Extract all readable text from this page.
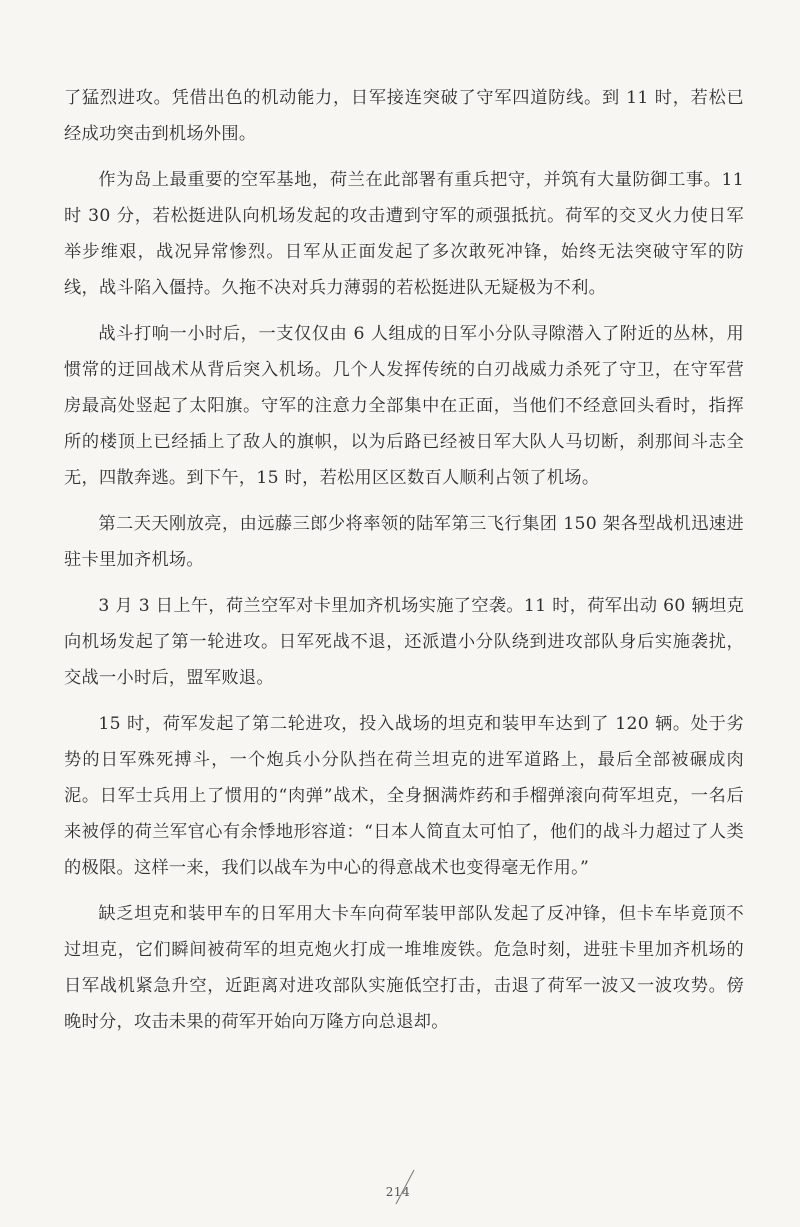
了猛烈进攻。凭借出色的机动能力，日军接连突破了守军四道防线。到 11 时，若松已经成功突击到机场外围。

作为岛上最重要的空军基地，荷兰在此部署有重兵把守，并筑有大量防御工事。11 时 30 分，若松挺进队向机场发起的攻击遭到守军的顽强抵抗。荷军的交叉火力使日军举步维艰，战况异常惨烈。日军从正面发起了多次敢死冲锋，始终无法突破守军的防线，战斗陷入僵持。久拖不决对兵力薄弱的若松挺进队无疑极为不利。

战斗打响一小时后，一支仅仅由 6 人组成的日军小分队寻隙潜入了附近的丛林，用惯常的迂回战术从背后突入机场。几个人发挥传统的白刃战威力杀死了守卫，在守军营房最高处竖起了太阳旗。守军的注意力全部集中在正面，当他们不经意回头看时，指挥所的楼顶上已经插上了敌人的旗帜，以为后路已经被日军大队人马切断，刹那间斗志全无，四散奔逃。到下午，15 时，若松用区区数百人顺利占领了机场。

第二天天刚放亮，由远藤三郎少将率领的陆军第三飞行集团 150 架各型战机迅速进驻卡里加齐机场。

3 月 3 日上午，荷兰空军对卡里加齐机场实施了空袭。11 时，荷军出动 60 辆坦克向机场发起了第一轮进攻。日军死战不退，还派遣小分队绕到进攻部队身后实施袭扰，交战一小时后，盟军败退。

15 时，荷军发起了第二轮进攻，投入战场的坦克和装甲车达到了 120 辆。处于劣势的日军殊死搏斗，一个炮兵小分队挡在荷兰坦克的进军道路上，最后全部被碾成肉泥。日军士兵用上了惯用的“肉弹”战术，全身捆满炸药和手榴弹滚向荷军坦克，一名后来被俘的荷兰军官心有余悸地形容道：“日本人简直太可怕了，他们的战斗力超过了人类的极限。这样一来，我们以战车为中心的得意战术也变得毫无作用。”

缺乏坦克和装甲车的日军用大卡车向荷军装甲部队发起了反冲锋，但卡车毕竟顶不过坦克，它们瞬间被荷军的坦克炮火打成一堆堆废铁。危急时刻，进驻卡里加齐机场的日军战机紧急升空，近距离对进攻部队实施低空打击，击退了荷军一波又一波攻势。傍晚时分，攻击未果的荷军开始向万隆方向总退却。

214
